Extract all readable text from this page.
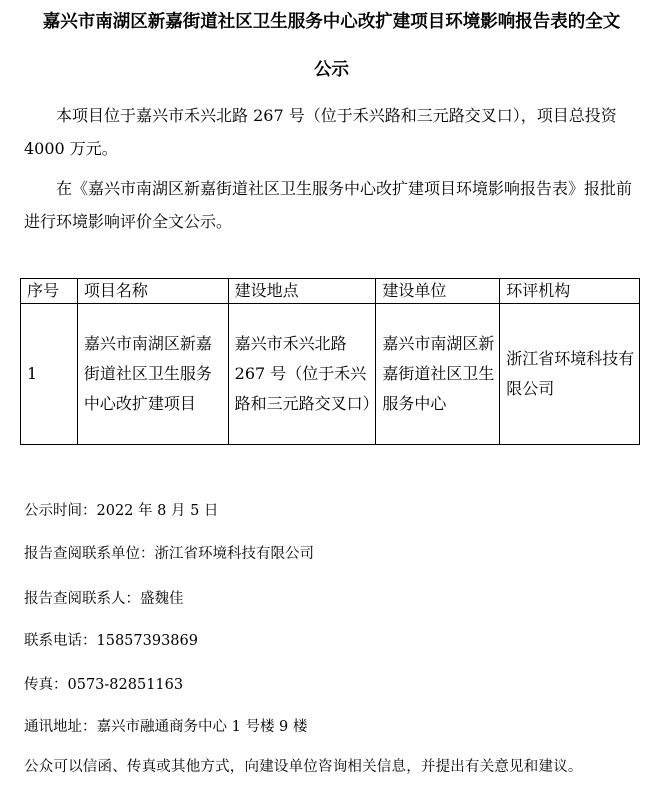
嘉兴市南湖区新嘉街道社区卫生服务中心改扩建项目环境影响报告表的全文
公示

本项目位于嘉兴市禾兴北路 267 号（位于禾兴路和三元路交叉口），项目总投资 4000 万元。

在《嘉兴市南湖区新嘉街道社区卫生服务中心改扩建项目环境影响报告表》报批前进行环境影响评价全文公示。

序号	项目名称	建设地点	建设单位	环评机构
1	嘉兴市南湖区新嘉街道社区卫生服务中心改扩建项目	嘉兴市禾兴北路 267 号（位于禾兴路和三元路交叉口）	嘉兴市南湖区新嘉街道社区卫生服务中心	浙江省环境科技有限公司

公示时间：2022 年 8 月 5 日

报告查阅联系单位：浙江省环境科技有限公司

报告查阅联系人：盛魏佳

联系电话：15857393869

传真：0573-82851163

通讯地址：嘉兴市融通商务中心 1 号楼 9 楼

公众可以信函、传真或其他方式，向建设单位咨询相关信息，并提出有关意见和建议。
